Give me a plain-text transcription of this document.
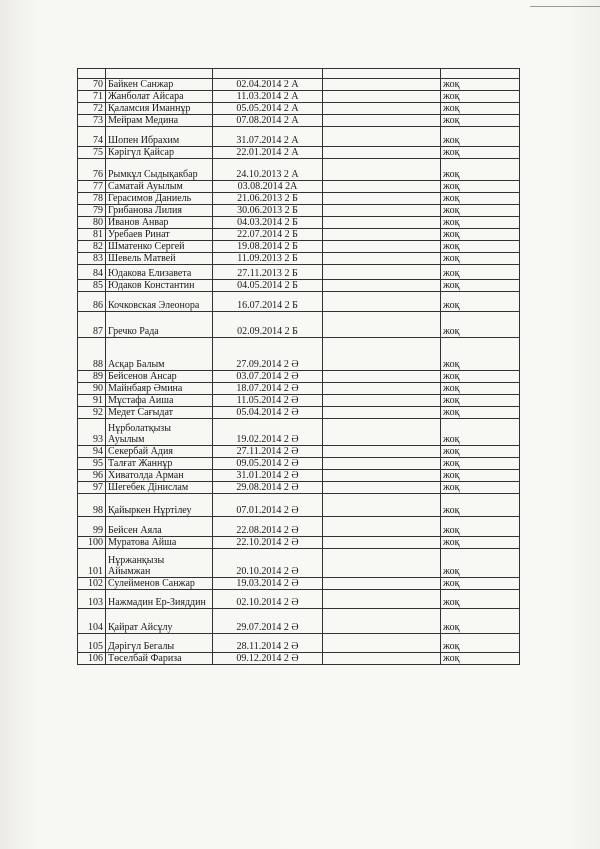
70	Байкен Санжар	02.04.2014 2 А		жоқ
71	Жанболат Айсара	11.03.2014 2 А		жоқ
72	Қаламсия Иманнұр	05.05.2014 2 А		жоқ
73	Мейрам Медина	07.08.2014 2 А		жоқ
74	Шопен Ибрахим	31.07.2014 2 А		жоқ
75	Кәрігүл Қайсар	22.01.2014 2 А		жоқ
76	Рымкұл Сыдықакбар	24.10.2013 2 А		жоқ
77	Саматай Ауылым	03.08.2014 2А		жоқ
78	Герасимов Даниель	21.06.2013 2 Б		жоқ
79	Грибанова Лилия	30.06.2013 2 Б		жоқ
80	Иванов Анвар	04.03.2014 2 Б		жоқ
81	Уребаев Ринат	22.07.2014 2 Б		жоқ
82	Шматенко Сергей	19.08.2014 2 Б		жоқ
83	Шевель Матвей	11.09.2013 2 Б		жоқ
84	Юдакова Елизавета	27.11.2013 2 Б		жоқ
85	Юдаков Константин	04.05.2014 2 Б		жоқ
86	Кочковская Элеонора	16.07.2014 2 Б		жоқ
87	Гречко Рада	02.09.2014 2 Б		жоқ
88	Асқар Балым	27.09.2014 2 Ә		жоқ
89	Бейсенов Ансар	03.07.2014 2 Ә		жоқ
90	Майнбаяр Әмина	18.07.2014 2 Ә		жоқ
91	Мұстафа Аиша	11.05.2014 2 Ә		жоқ
92	Медет Сағыдат	05.04.2014 2 Ә		жоқ
93	Нұрболатқызы
Ауылым	19.02.2014 2 Ә		жоқ
94	Секербай Адия	27.11.2014 2 Ә		жоқ
95	Талғат Жаннұр	09.05.2014 2 Ә		жоқ
96	Хиватолда Арман	31.01.2014 2 Ә		жоқ
97	Шегебек Дінислам	29.08.2014 2 Ә		жоқ
98	Қайыркен Нұртілеу	07.01.2014 2 Ә		жоқ
99	Бейсен Аяла	22.08.2014 2 Ә		жоқ
100	Муратова Айша	22.10.2014 2 Ә		жоқ
101	Нұржанқызы
Айымжан	20.10.2014 2 Ә		жоқ
102	Сулейменов Санжар	19.03.2014 2 Ә		жоқ
103	Нажмадин Ер-Зияддин	02.10.2014 2 Ә		жоқ
104	Қайрат Айсұлу	29.07.2014 2 Ә		жоқ
105	Дәрігүл Бегалы	28.11.2014 2 Ә		жоқ
106	Төселбай Фариза	09.12.2014 2 Ә		жоқ
